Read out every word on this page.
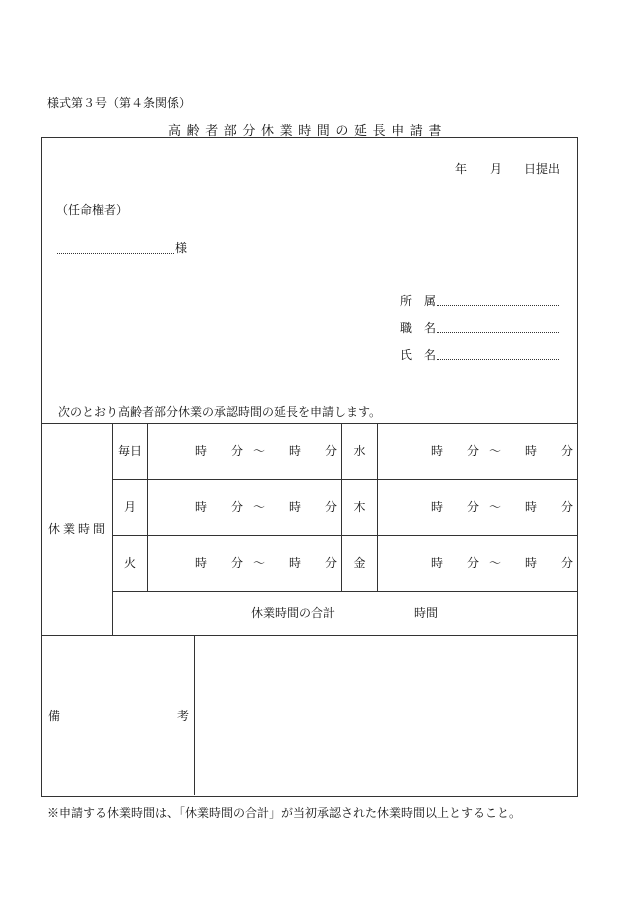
様式第３号（第４条関係）
高齢者部分休業時間の延長申請書
年 月 日提出
（任命権者）
様
所　属
職　名
氏　名
次のとおり高齢者部分休業の承認時間の延長を申請します。
休業時間
毎日	時 分 〜 時 分	水	時 分 〜 時 分
月	時 分 〜 時 分	木	時 分 〜 時 分
火	時 分 〜 時 分	金	時 分 〜 時 分
休業時間の合計	時間
備	考
※申請する休業時間は、「休業時間の合計」が当初承認された休業時間以上とすること。
